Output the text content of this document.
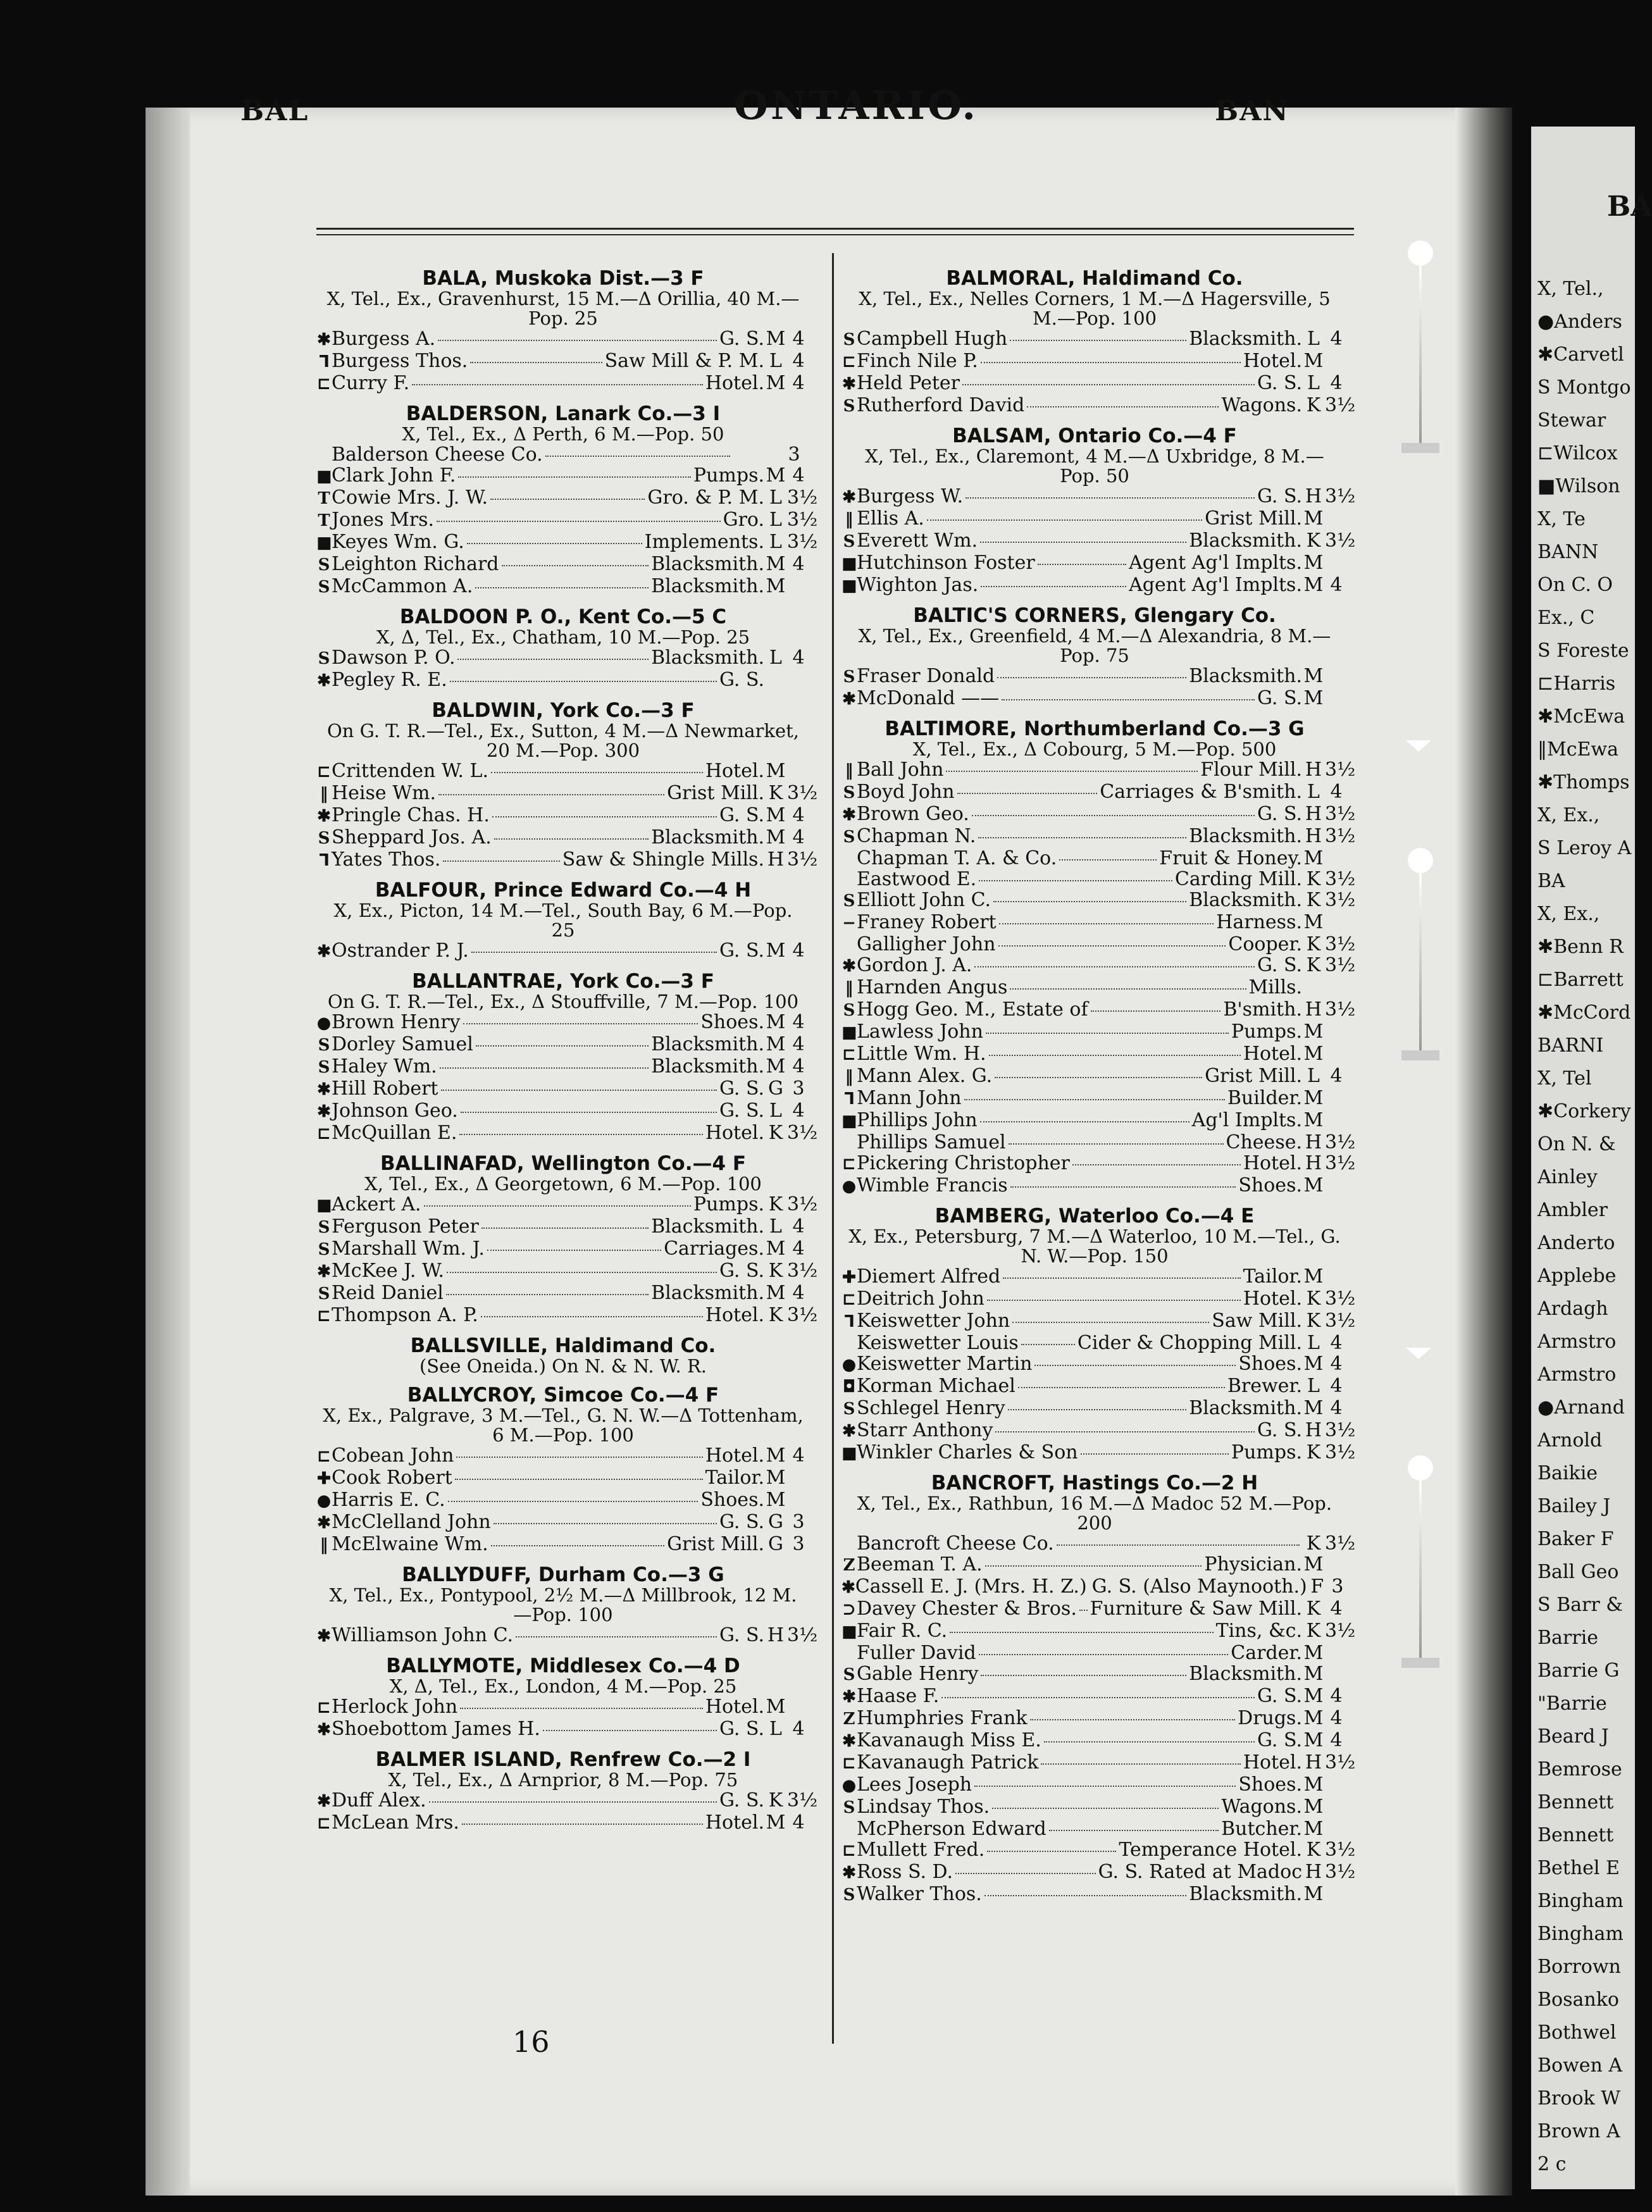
BAL	ONTARIO.	BAN
BALA, Muskoka Dist.—3 F
X, Tel., Ex., Gravenhurst, 15 M.—Δ Orillia, 40 M.—Pop. 25
✱ Burgess A.	G. S. M 4
⅂ Burgess Thos.	Saw Mill & P. M. L 4
⊏ Curry F.	Hotel. M 4
BALDERSON, Lanark Co.—3 I
X, Tel., Ex., Δ Perth, 6 M.—Pop. 50
Balderson Cheese Co.	3
■ Clark John F.	Pumps. M 4
T Cowie Mrs. J. W.	Gro. & P. M. L 3½
T Jones Mrs.	Gro. L 3½
■ Keyes Wm. G.	Implements. L 3½
S Leighton Richard	Blacksmith. M 4
S McCammon A.	Blacksmith. M
BALDOON P. O., Kent Co.—5 C
X, Δ, Tel., Ex., Chatham, 10 M.—Pop. 25
S Dawson P. O.	Blacksmith. L 4
✱ Pegley R. E.	G. S.
BALDWIN, York Co.—3 F
On G. T. R.—Tel., Ex., Sutton, 4 M.—Δ Newmarket, 20 M.—Pop. 300
⊏ Crittenden W. L.	Hotel. M
‖ Heise Wm.	Grist Mill. K 3½
✱ Pringle Chas. H.	G. S. M 4
S Sheppard Jos. A.	Blacksmith. M 4
⅂ Yates Thos.	Saw & Shingle Mills. H 3½
BALFOUR, Prince Edward Co.—4 H
X, Ex., Picton, 14 M.—Tel., South Bay, 6 M.—Pop. 25
✱ Ostrander P. J.	G. S. M 4
BALLANTRAE, York Co.—3 F
On G. T. R.—Tel., Ex., Δ Stouffville, 7 M.—Pop. 100
● Brown Henry	Shoes. M 4
S Dorley Samuel	Blacksmith. M 4
S Haley Wm.	Blacksmith. M 4
✱ Hill Robert	G. S. G 3
✱ Johnson Geo.	G. S. L 4
⊏ McQuillan E.	Hotel. K 3½
BALLINAFAD, Wellington Co.—4 F
X, Tel., Ex., Δ Georgetown, 6 M.—Pop. 100
■ Ackert A.	Pumps. K 3½
S Ferguson Peter	Blacksmith. L 4
S Marshall Wm. J.	Carriages. M 4
✱ McKee J. W.	G. S. K 3½
S Reid Daniel	Blacksmith. M 4
⊏ Thompson A. P.	Hotel. K 3½
BALLSVILLE, Haldimand Co.
(See Oneida.) On N. & N. W. R.
BALLYCROY, Simcoe Co.—4 F
X, Ex., Palgrave, 3 M.—Tel., G. N. W.—Δ Tottenham, 6 M.—Pop. 100
⊏ Cobean John	Hotel. M 4
✚ Cook Robert	Tailor. M
● Harris E. C.	Shoes. M
✱ McClelland John	G. S. G 3
‖ McElwaine Wm.	Grist Mill. G 3
BALLYDUFF, Durham Co.—3 G
X, Tel., Ex., Pontypool, 2½ M.—Δ Millbrook, 12 M.—Pop. 100
✱ Williamson John C.	G. S. H 3½
BALLYMOTE, Middlesex Co.—4 D
X, Δ, Tel., Ex., London, 4 M.—Pop. 25
⊏ Herlock John	Hotel. M
✱ Shoebottom James H.	G. S. L 4
BALMER ISLAND, Renfrew Co.—2 I
X, Tel., Ex., Δ Arnprior, 8 M.—Pop. 75
✱ Duff Alex.	G. S. K 3½
⊏ McLean Mrs.	Hotel. M 4
BALMORAL, Haldimand Co.
X, Tel., Ex., Nelles Corners, 1 M.—Δ Hagersville, 5 M.—Pop. 100
S Campbell Hugh	Blacksmith. L 4
⊏ Finch Nile P.	Hotel. M
✱ Held Peter	G. S. L 4
S Rutherford David	Wagons. K 3½
BALSAM, Ontario Co.—4 F
X, Tel., Ex., Claremont, 4 M.—Δ Uxbridge, 8 M.—Pop. 50
✱ Burgess W.	G. S. H 3½
‖ Ellis A.	Grist Mill. M
S Everett Wm.	Blacksmith. K 3½
■ Hutchinson Foster	Agent Ag'l Implts. M
■ Wighton Jas.	Agent Ag'l Implts. M 4
BALTIC'S CORNERS, Glengary Co.
X, Tel., Ex., Greenfield, 4 M.—Δ Alexandria, 8 M.—Pop. 75
S Fraser Donald	Blacksmith. M
✱ McDonald ——	G. S. M
BALTIMORE, Northumberland Co.—3 G
X, Tel., Ex., Δ Cobourg, 5 M.—Pop. 500
‖ Ball John	Flour Mill. H 3½
S Boyd John	Carriages & B'smith. L 4
✱ Brown Geo.	G. S. H 3½
S Chapman N.	Blacksmith. H 3½
Chapman T. A. & Co.	Fruit & Honey. M
Eastwood E.	Carding Mill. K 3½
S Elliott John C.	Blacksmith. K 3½
− Franey Robert	Harness. M
Galligher John	Cooper. K 3½
✱ Gordon J. A.	G. S. K 3½
‖ Harnden Angus	Mills.
S Hogg Geo. M., Estate of	B'smith. H 3½
■ Lawless John	Pumps. M
⊏ Little Wm. H.	Hotel. M
‖ Mann Alex. G.	Grist Mill. L 4
⅂ Mann John	Builder. M
■ Phillips John	Ag'l Implts. M
Phillips Samuel	Cheese. H 3½
⊏ Pickering Christopher	Hotel. H 3½
● Wimble Francis	Shoes. M
BAMBERG, Waterloo Co.—4 E
X, Ex., Petersburg, 7 M.—Δ Waterloo, 10 M.—Tel., G. N. W.—Pop. 150
✚ Diemert Alfred	Tailor. M
⊏ Deitrich John	Hotel. K 3½
⅂ Keiswetter John	Saw Mill. K 3½
Keiswetter Louis	Cider & Chopping Mill. L 4
● Keiswetter Martin	Shoes. M 4
◘ Korman Michael	Brewer. L 4
S Schlegel Henry	Blacksmith. M 4
✱ Starr Anthony	G. S. H 3½
■ Winkler Charles & Son	Pumps. K 3½
BANCROFT, Hastings Co.—2 H
X, Tel., Ex., Rathbun, 16 M.—Δ Madoc 52 M.—Pop. 200
Bancroft Cheese Co.	K 3½
Z Beeman T. A.	Physician. M
✱ Cassell E. J. (Mrs. H. Z.) G. S. (Also Maynooth.) F 3
⊃ Davey Chester & Bros. Furniture & Saw Mill. K 4
■ Fair R. C.	Tins, &c. K 3½
Fuller David	Carder. M
S Gable Henry	Blacksmith. M
✱ Haase F.	G. S. M 4
Z Humphries Frank	Drugs. M 4
✱ Kavanaugh Miss E.	G. S. M 4
⊏ Kavanaugh Patrick	Hotel. H 3½
● Lees Joseph	Shoes. M
S Lindsay Thos.	Wagons. M
McPherson Edward	Butcher. M
⊏ Mullett Fred.	Temperance Hotel. K 3½
✱ Ross S. D.	G. S. Rated at Madoc H 3½
S Walker Thos.	Blacksmith. M
16
BA
X, Tel.,
●Anders
✱Carvetl
S Montgo
Stewar
⊏Wilcox
■Wilson
X, Te
BANN
On C. O
Ex., C
S Foreste
⊏Harris
✱McEwa
‖McEwa
✱Thomps
X, Ex.,
S Leroy A
BA
X, Ex.,
✱Benn R
⊏Barrett
✱McCord
BARNI
X, Tel
✱Corkery
On N. &
Ainley
Ambler
Anderto
Applebe
Ardagh
Armstro
Armstro
●Arnand
Arnold
Baikie
Bailey J
Baker F
Ball Geo
S Barr &
Barrie
Barrie G
"Barrie
Beard J
Bemrose
Bennett
Bennett
Bethel E
Bingham
Bingham
Borrown
Bosanko
Bothwel
Bowen A
Brook W
Brown A
2 c
